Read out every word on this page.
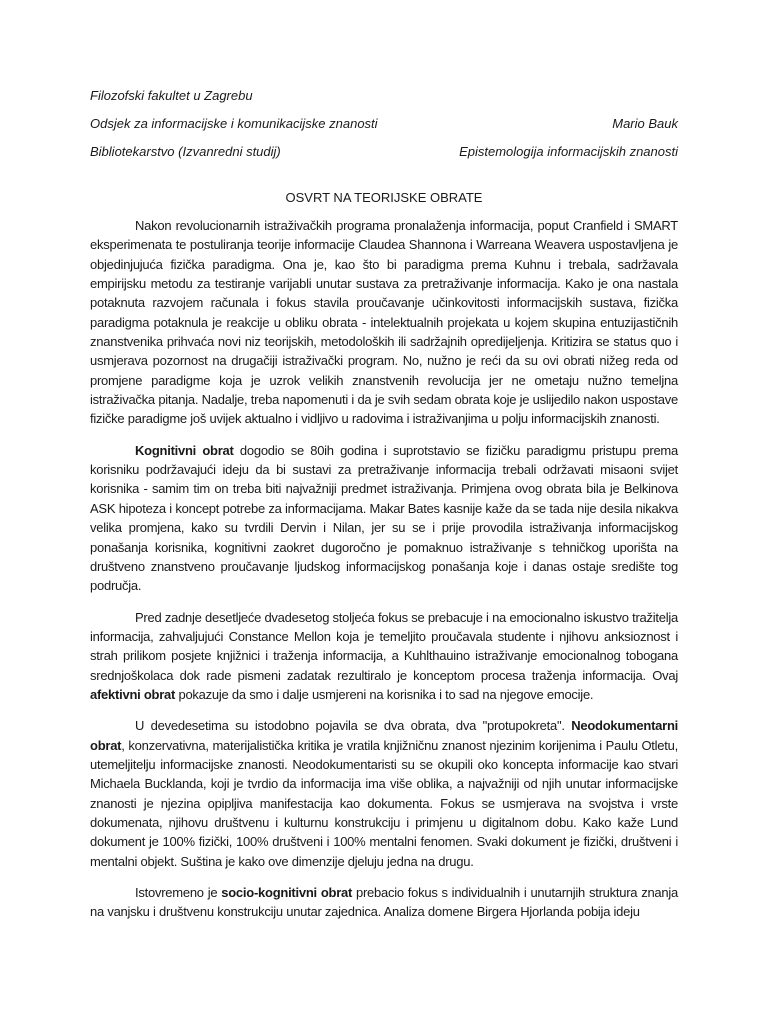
Filozofski fakultet u Zagrebu
Odsjek za informacijske i komunikacijske znanosti	Mario Bauk
Bibliotekarstvo (Izvanredni studij)	Epistemologija informacijskih znanosti
OSVRT NA TEORIJSKE OBRATE

Nakon revolucionarnih istraživačkih programa pronalaženja informacija, poput Cranfield i SMART eksperimenata te postuliranja teorije informacije Claudea Shannona i Warreana Weavera uspostavljena je objedinjujuća fizička paradigma. Ona je, kao što bi paradigma prema Kuhnu i trebala, sadržavala empirijsku metodu za testiranje varijabli unutar sustava za pretraživanje informacija. Kako je ona nastala potaknuta razvojem računala i fokus stavila proučavanje učinkovitosti informacijskih sustava, fizička paradigma potaknula je reakcije u obliku obrata - intelektualnih projekata u kojem skupina entuzijastičnih znanstvenika prihvaća novi niz teorijskih, metodoloških ili sadržajnih opredijeljenja. Kritizira se status quo i usmjerava pozornost na drugačiji istraživački program. No, nužno je reći da su ovi obrati nižeg reda od promjene paradigme koja je uzrok velikih znanstvenih revolucija jer ne ometaju nužno temeljna istraživačka pitanja. Nadalje, treba napomenuti i da je svih sedam obrata koje je uslijedilo nakon uspostave fizičke paradigme još uvijek aktualno i vidljivo u radovima i istraživanjima u polju informacijskih znanosti.

Kognitivni obrat dogodio se 80ih godina i suprotstavio se fizičku paradigmu pristupu prema korisniku podržavajući ideju da bi sustavi za pretraživanje informacija trebali održavati misaoni svijet korisnika - samim tim on treba biti najvažniji predmet istraživanja. Primjena ovog obrata bila je Belkinova ASK hipoteza i koncept potrebe za informacijama. Makar Bates kasnije kaže da se tada nije desila nikakva velika promjena, kako su tvrdili Dervin i Nilan, jer su se i prije provodila istraživanja informacijskog ponašanja korisnika, kognitivni zaokret dugoročno je pomaknuo istraživanje s tehničkog uporišta na društveno znanstveno proučavanje ljudskog informacijskog ponašanja koje i danas ostaje središte tog područja.

Pred zadnje desetljeće dvadesetog stoljeća fokus se prebacuje i na emocionalno iskustvo tražitelja informacija, zahvaljujući Constance Mellon koja je temeljito proučavala studente i njihovu anksioznost i strah prilikom posjete knjižnici i traženja informacija, a Kuhlthauino istraživanje emocionalnog tobogana srednjoškolaca dok rade pismeni zadatak rezultiralo je konceptom procesa traženja informacija. Ovaj afektivni obrat pokazuje da smo i dalje usmjereni na korisnika i to sad na njegove emocije.

U devedesetima su istodobno pojavila se dva obrata, dva "protupokreta". Neodokumentarni obrat, konzervativna, materijalistička kritika je vratila knjižničnu znanost njezinim korijenima i Paulu Otletu, utemeljitelju informacijske znanosti. Neodokumentaristi su se okupili oko koncepta informacije kao stvari Michaela Bucklanda, koji je tvrdio da informacija ima više oblika, a najvažniji od njih unutar informacijske znanosti je njezina opipljiva manifestacija kao dokumenta. Fokus se usmjerava na svojstva i vrste dokumenata, njihovu društvenu i kulturnu konstrukciju i primjenu u digitalnom dobu. Kako kaže Lund dokument je 100% fizički, 100% društveni i 100% mentalni fenomen. Svaki dokument je fizički, društveni i mentalni objekt. Suština je kako ove dimenzije djeluju jedna na drugu.

Istovremeno je socio-kognitivni obrat prebacio fokus s individualnih i unutarnjih struktura znanja na vanjsku i društvenu konstrukciju unutar zajednica. Analiza domene Birgera Hjorlanda pobija ideju
